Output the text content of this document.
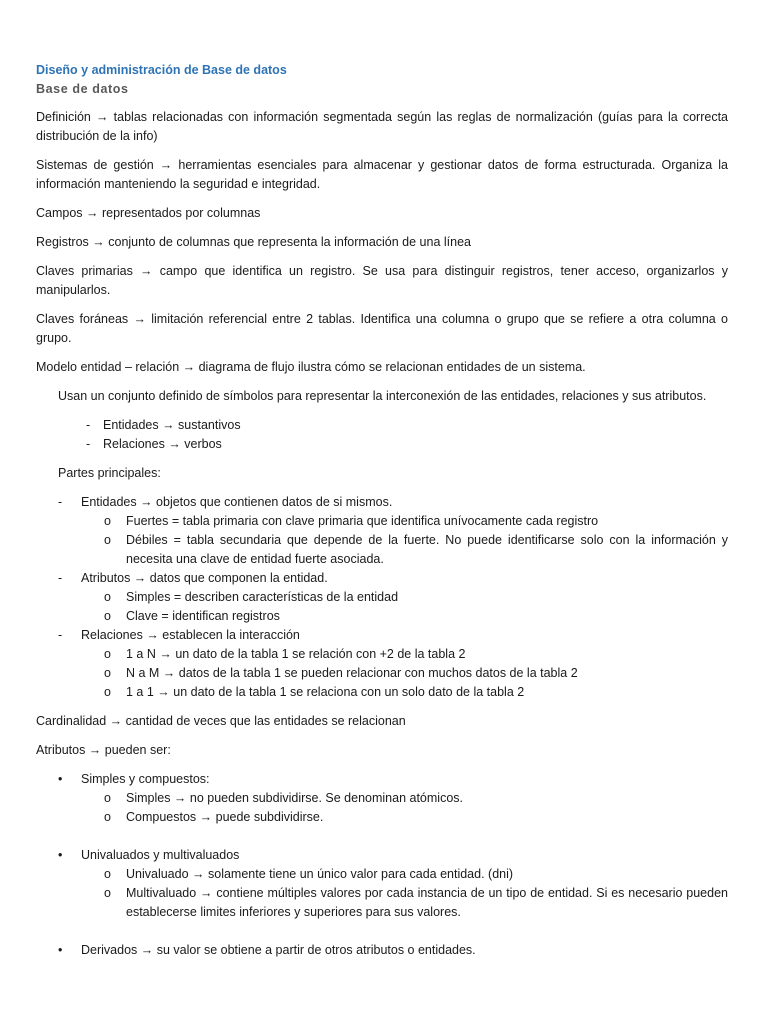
Diseño y administración de Base de datos
Base de datos

Definición → tablas relacionadas con información segmentada según las reglas de normalización (guías para la correcta distribución de la info)

Sistemas de gestión → herramientas esenciales para almacenar y gestionar datos de forma estructurada. Organiza la información manteniendo la seguridad e integridad.

Campos → representados por columnas

Registros → conjunto de columnas que representa la información de una línea

Claves primarias → campo que identifica un registro. Se usa para distinguir registros, tener acceso, organizarlos y manipularlos.

Claves foráneas → limitación referencial entre 2 tablas. Identifica una columna o grupo que se refiere a otra columna o grupo.

Modelo entidad – relación → diagrama de flujo ilustra cómo se relacionan entidades de un sistema.

Usan un conjunto definido de símbolos para representar la interconexión de las entidades, relaciones y sus atributos.

- Entidades → sustantivos
- Relaciones → verbos

Partes principales:

- Entidades → objetos que contienen datos de si mismos.
o Fuertes = tabla primaria con clave primaria que identifica unívocamente cada registro
o Débiles = tabla secundaria que depende de la fuerte. No puede identificarse solo con la información y necesita una clave de entidad fuerte asociada.
- Atributos → datos que componen la entidad.
o Simples = describen características de la entidad
o Clave = identifican registros
- Relaciones → establecen la interacción
o 1 a N → un dato de la tabla 1 se relación con +2 de la tabla 2
o N a M → datos de la tabla 1 se pueden relacionar con muchos datos de la tabla 2
o 1 a 1 → un dato de la tabla 1 se relaciona con un solo dato de la tabla 2

Cardinalidad → cantidad de veces que las entidades se relacionan

Atributos → pueden ser:

• Simples y compuestos:
o Simples → no pueden subdividirse. Se denominan atómicos.
o Compuestos → puede subdividirse.
• Univaluados y multivaluados
o Univaluado → solamente tiene un único valor para cada entidad. (dni)
o Multivaluado → contiene múltiples valores por cada instancia de un tipo de entidad. Si es necesario pueden establecerse limites inferiores y superiores para sus valores.
• Derivados → su valor se obtiene a partir de otros atributos o entidades.
